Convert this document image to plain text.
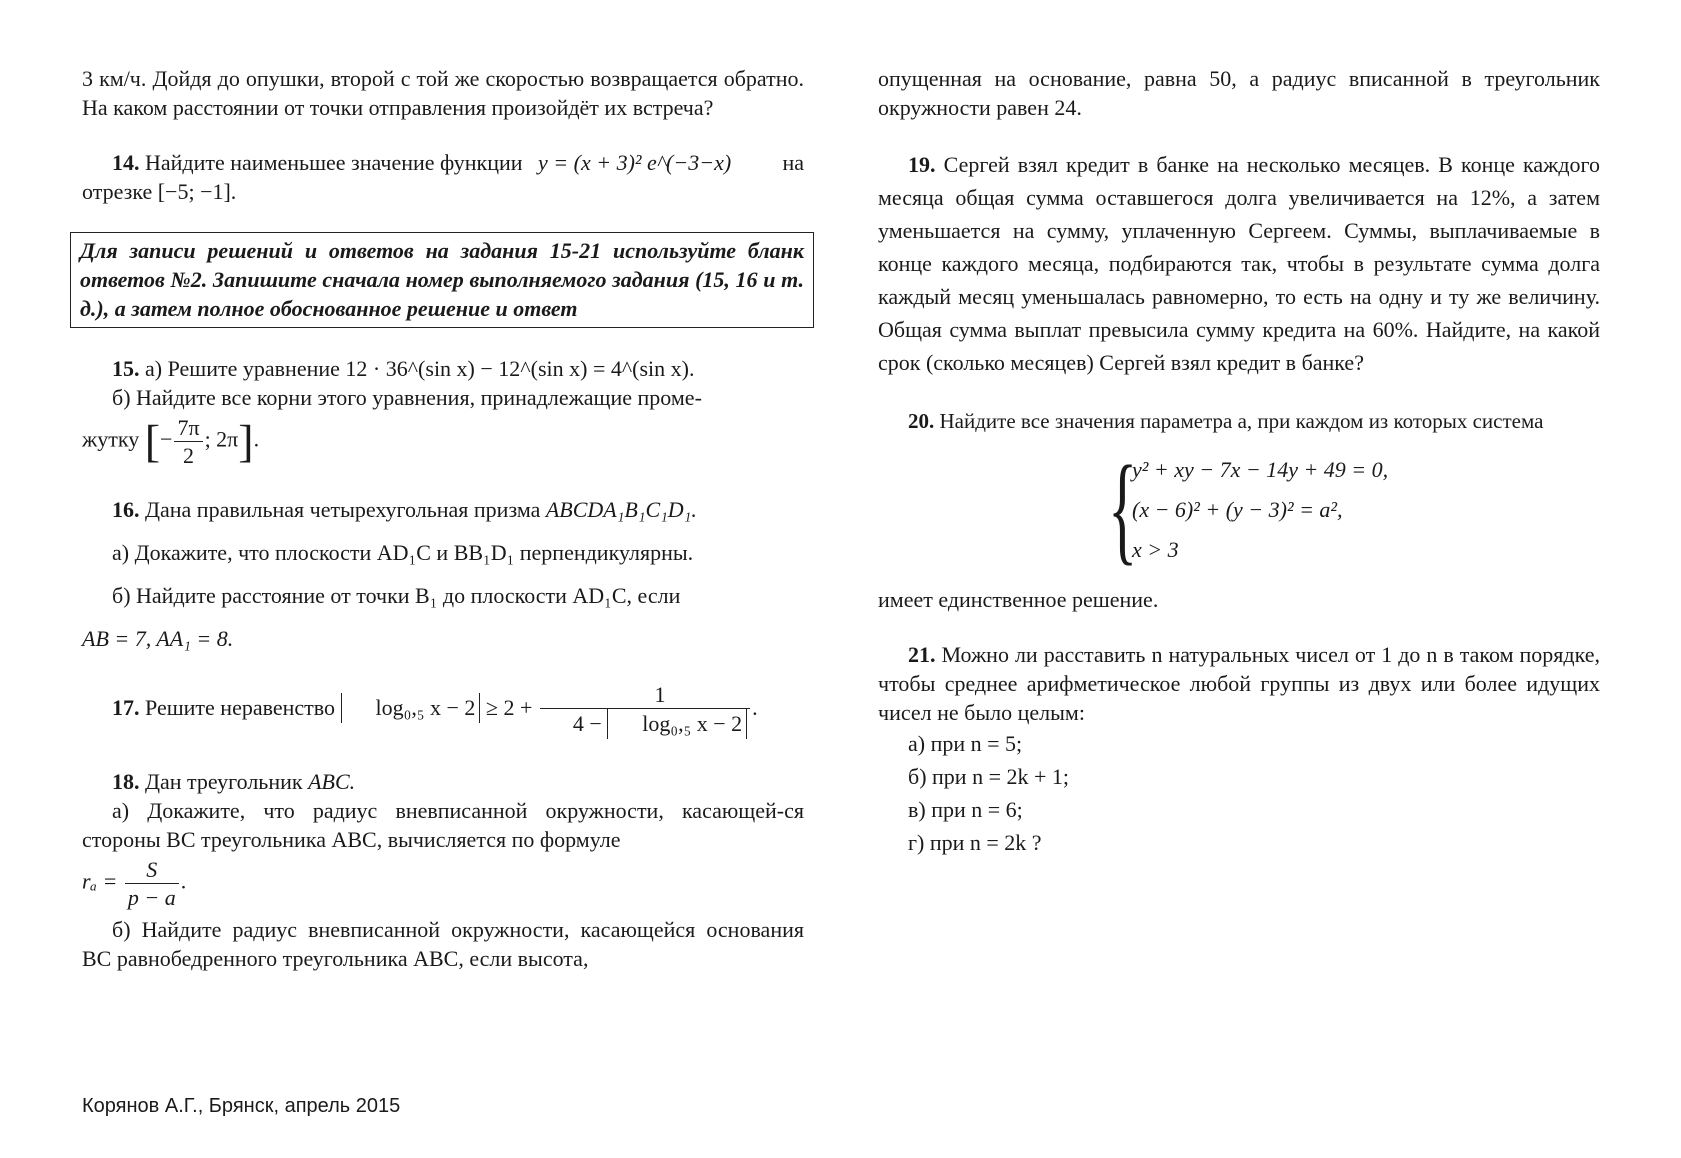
3 км/ч. Дойдя до опушки, второй с той же скоростью возвращается обратно. На каком расстоянии от точки отправления произойдёт их встреча?

14. Найдите наименьшее значение функции y = (x + 3)² e^(−3−x)	на

отрезке [−5; −1].

Для записи решений и ответов на задания 15-21 используйте бланк ответов №2. Запишите сначала номер выполняемого задания (15, 16 и т. д.), а затем полное обоснованное решение и ответ

15. а) Решите уравнение 12 · 36^(sin x) − 12^(sin x) = 4^(sin x).

б) Найдите все корни этого уравнения, принадлежащие проме-

жутку [− $\frac{7\pi}{2}$ ; 2π].

16. Дана правильная четырехугольная призма ABCDA₁B₁C₁D₁.

а) Докажите, что плоскости AD₁C и BB₁D₁ перпендикулярны.

б) Найдите расстояние от точки B₁ до плоскости AD₁C, если

AB = 7, AA₁ = 8.

17. Решите неравенство log₀,₅ $x - 2 \ge 2 + \frac{1}{\text{4 − log₀,₅ x − 2}}$ .

18. Дан треугольник ABC.

а) Докажите, что радиус вневписанной окружности, касающей-ся стороны BC треугольника ABC, вычисляется по формуле

$r_a = \frac{S}{p - a}$ .

б) Найдите радиус вневписанной окружности, касающейся основания BC равнобедренного треугольника ABC, если высота,

опущенная на основание, равна 50, а радиус вписанной в треугольник окружности равен 24.

19. Сергей взял кредит в банке на несколько месяцев. В конце каждого месяца общая сумма оставшегося долга увеличивается на 12%, а затем уменьшается на сумму, уплаченную Сергеем. Суммы, выплачиваемые в конце каждого месяца, подбираются так, чтобы в результате сумма долга каждый месяц уменьшалась равномерно, то есть на одну и ту же величину. Общая сумма выплат превысила сумму кредита на 60%. Найдите, на какой срок (сколько месяцев) Сергей взял кредит в банке?

20. Найдите все значения параметра a, при каждом из которых система

{
y² + xy − 7x − 14y + 49 = 0,
(x − 6)² + (y − 3)² = a²,
x > 3

имеет единственное решение.

21. Можно ли расставить n натуральных чисел от 1 до n в таком порядке, чтобы среднее арифметическое любой группы из двух или более идущих чисел не было целым:

а) при n = 5;

б) при n = 2k + 1;

в) при n = 6;

г) при n = 2k ?

Корянов А.Г., Брянск, апрель 2015
